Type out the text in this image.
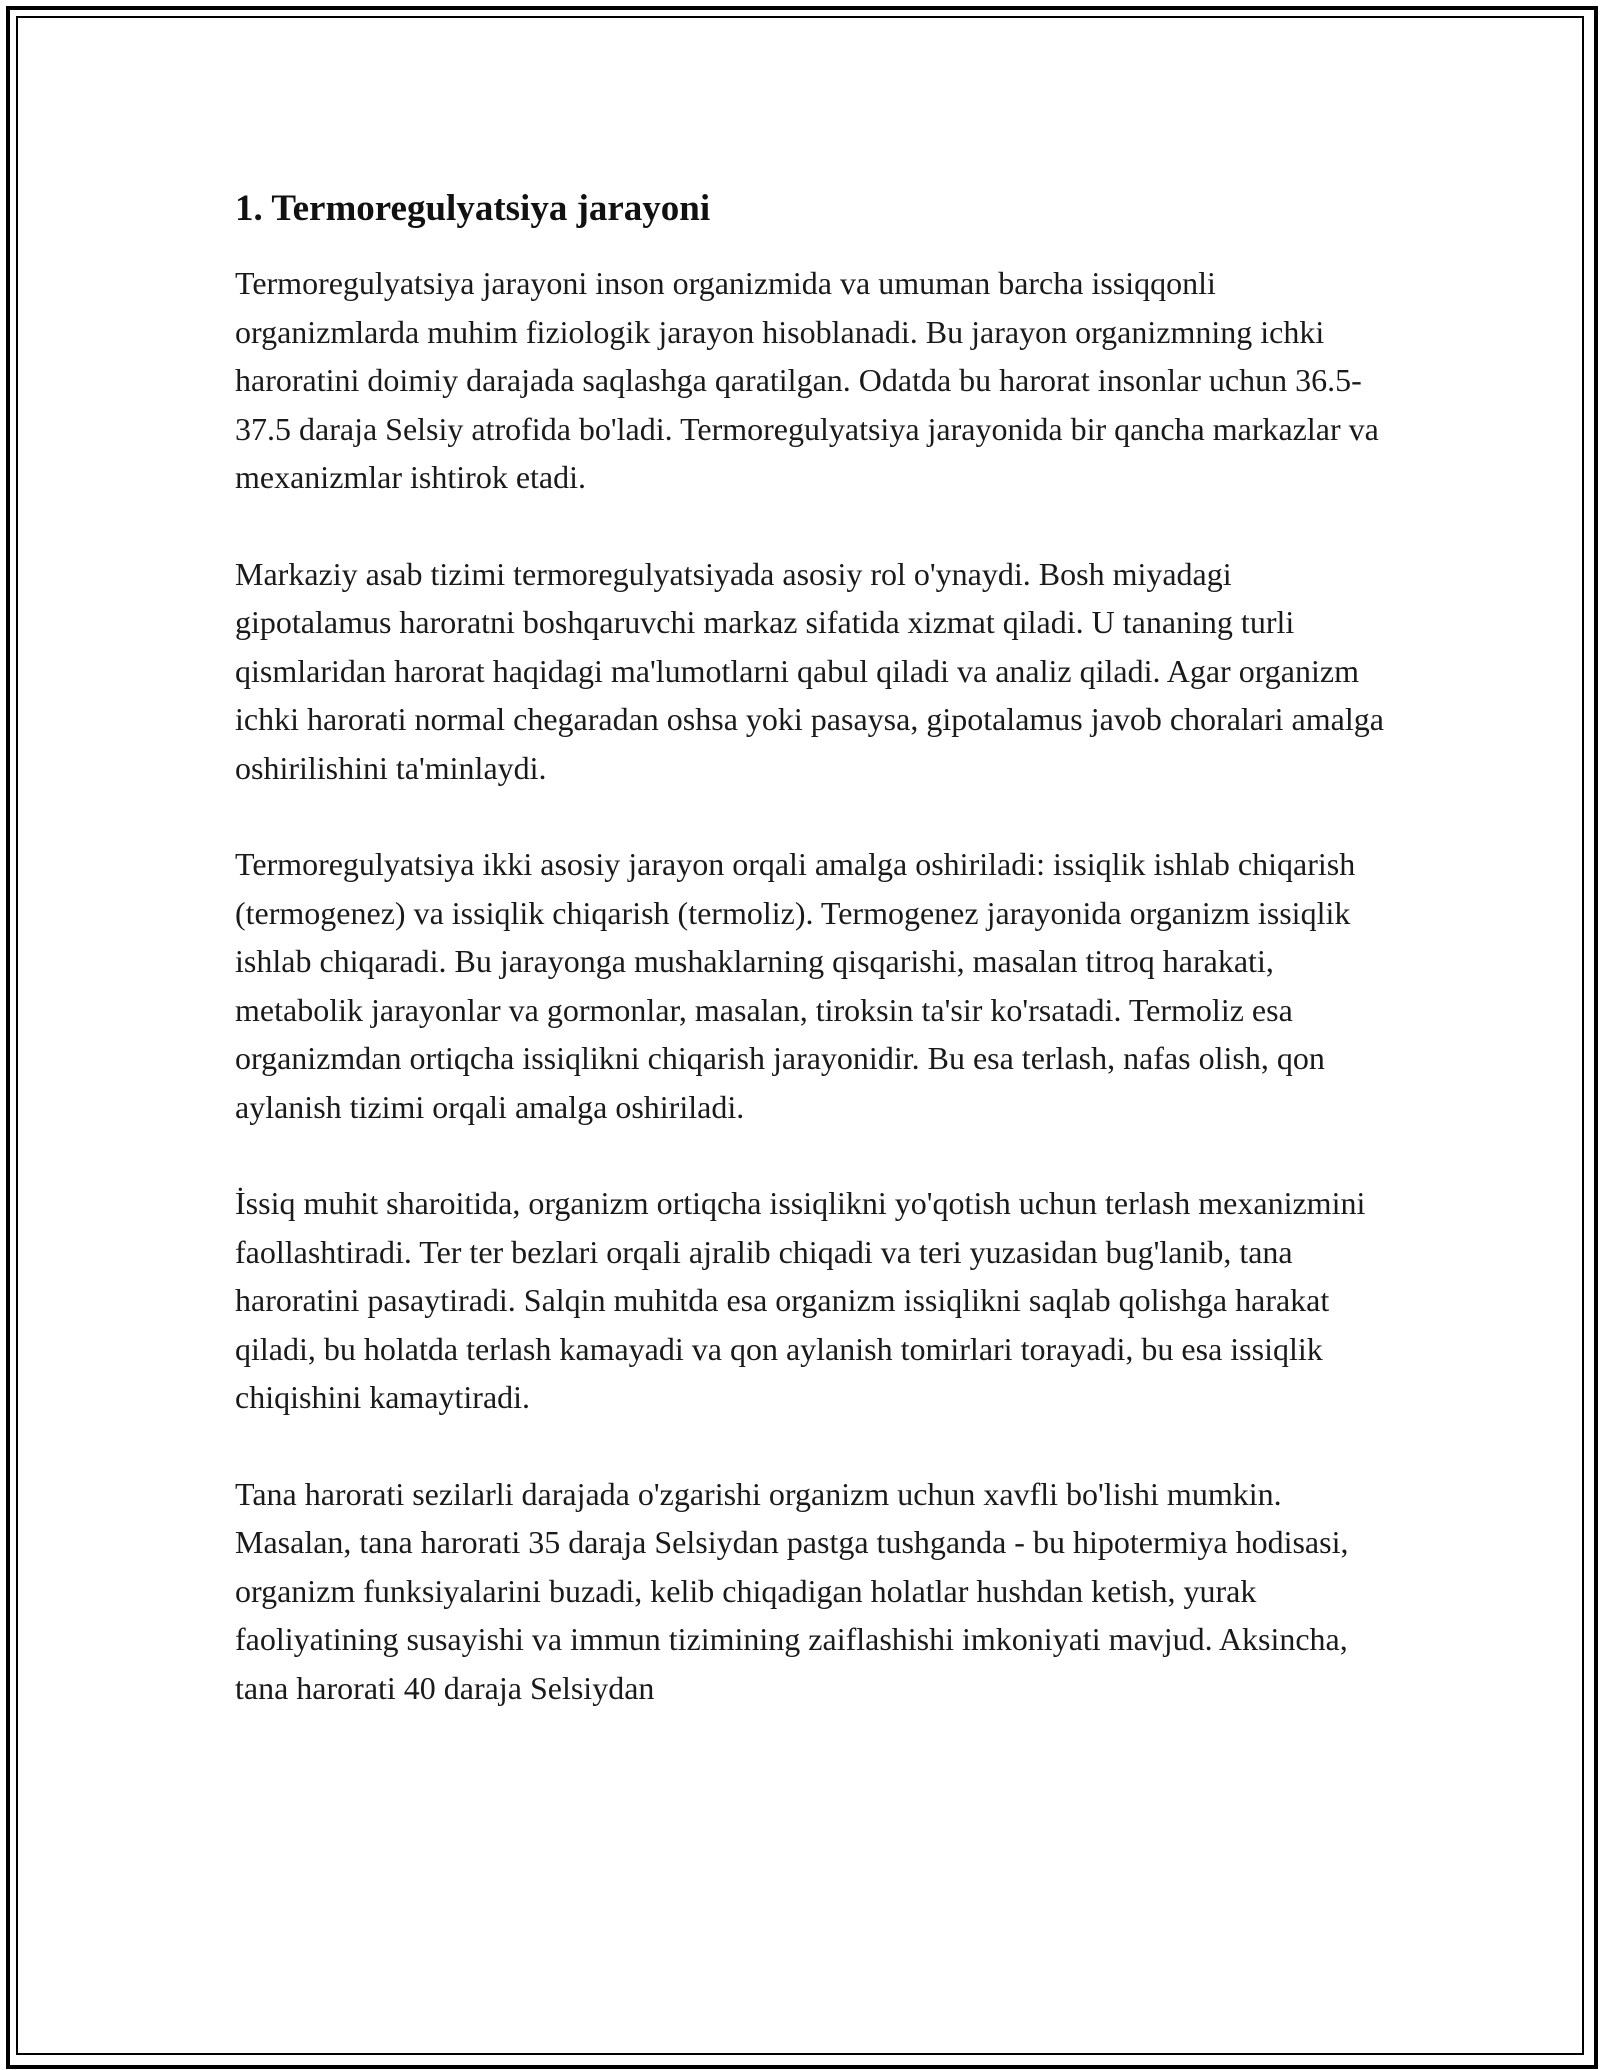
1. Termoregulyatsiya jarayoni

Termoregulyatsiya jarayoni inson organizmida va umuman barcha issiqqonli organizmlarda muhim fiziologik jarayon hisoblanadi. Bu jarayon organizmning ichki haroratini doimiy darajada saqlashga qaratilgan. Odatda bu harorat insonlar uchun 36.5-37.5 daraja Selsiy atrofida bo'ladi. Termoregulyatsiya jarayonida bir qancha markazlar va mexanizmlar ishtirok etadi.

Markaziy asab tizimi termoregulyatsiyada asosiy rol o'ynaydi. Bosh miyadagi gipotalamus haroratni boshqaruvchi markaz sifatida xizmat qiladi. U tananing turli qismlaridan harorat haqidagi ma'lumotlarni qabul qiladi va analiz qiladi. Agar organizm ichki harorati normal chegaradan oshsa yoki pasaysa, gipotalamus javob choralari amalga oshirilishini ta'minlaydi.

Termoregulyatsiya ikki asosiy jarayon orqali amalga oshiriladi: issiqlik ishlab chiqarish (termogenez) va issiqlik chiqarish (termoliz). Termogenez jarayonida organizm issiqlik ishlab chiqaradi. Bu jarayonga mushaklarning qisqarishi, masalan titroq harakati, metabolik jarayonlar va gormonlar, masalan, tiroksin ta'sir ko'rsatadi. Termoliz esa organizmdan ortiqcha issiqlikni chiqarish jarayonidir. Bu esa terlash, nafas olish, qon aylanish tizimi orqali amalga oshiriladi.

İssiq muhit sharoitida, organizm ortiqcha issiqlikni yo'qotish uchun terlash mexanizmini faollashtiradi. Ter ter bezlari orqali ajralib chiqadi va teri yuzasidan bug'lanib, tana haroratini pasaytiradi. Salqin muhitda esa organizm issiqlikni saqlab qolishga harakat qiladi, bu holatda terlash kamayadi va qon aylanish tomirlari torayadi, bu esa issiqlik chiqishini kamaytiradi.

Tana harorati sezilarli darajada o'zgarishi organizm uchun xavfli bo'lishi mumkin. Masalan, tana harorati 35 daraja Selsiydan pastga tushganda - bu hipotermiya hodisasi, organizm funksiyalarini buzadi, kelib chiqadigan holatlar hushdan ketish, yurak faoliyatining susayishi va immun tizimining zaiflashishi imkoniyati mavjud. Aksincha, tana harorati 40 daraja Selsiydan
